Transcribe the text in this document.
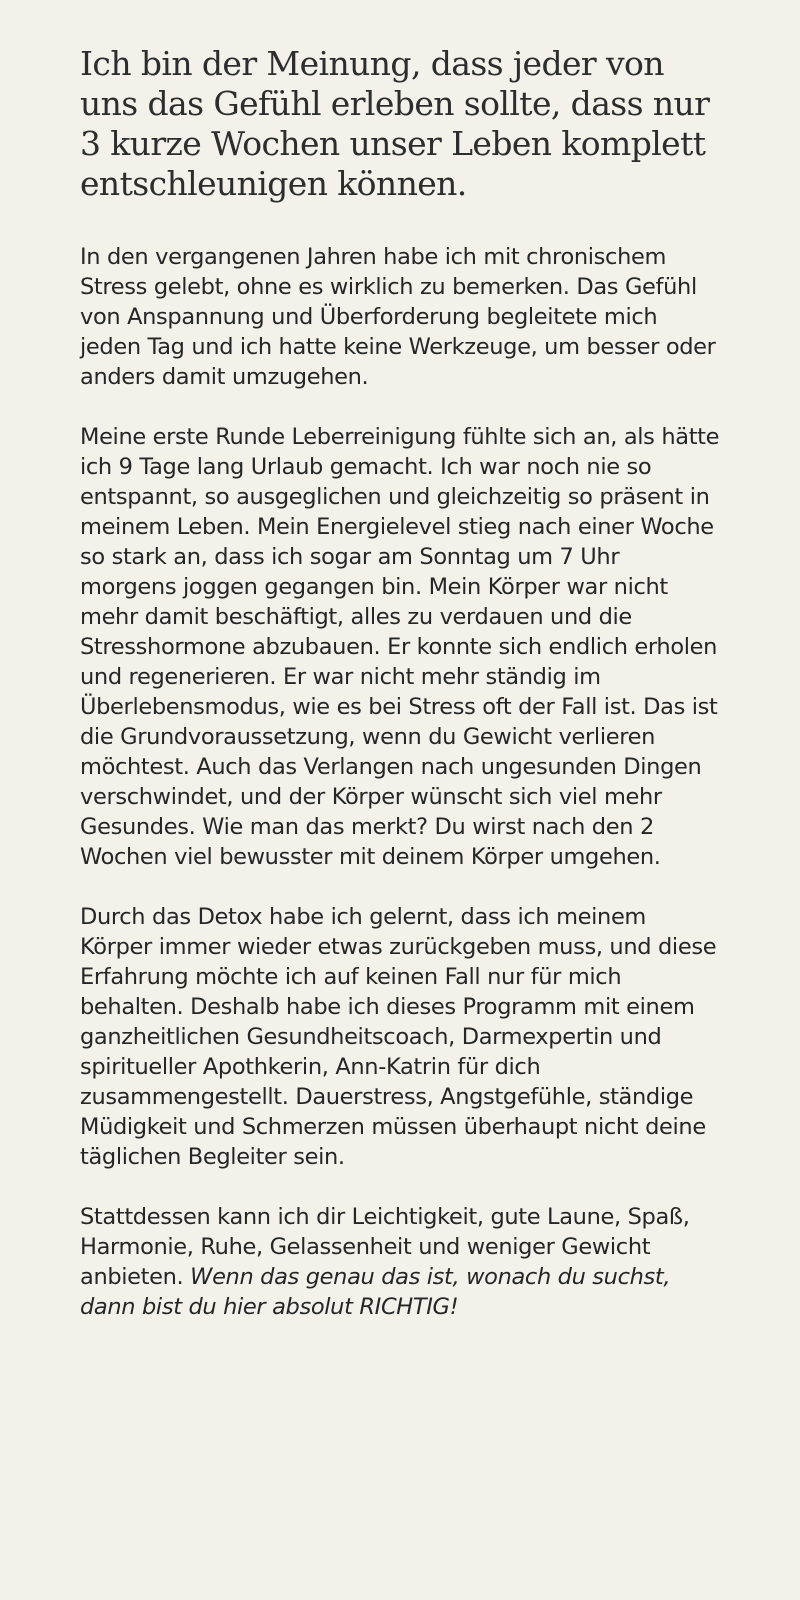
Ich bin der Meinung, dass jeder von uns das Gefühl erleben sollte, dass nur 3 kurze Wochen unser Leben komplett entschleunigen können.

In den vergangenen Jahren habe ich mit chronischem Stress gelebt, ohne es wirklich zu bemerken. Das Gefühl von Anspannung und Überforderung begleitete mich jeden Tag und ich hatte keine Werkzeuge, um besser oder anders damit umzugehen.

Meine erste Runde Leberreinigung fühlte sich an, als hätte ich 9 Tage lang Urlaub gemacht. Ich war noch nie so entspannt, so ausgeglichen und gleichzeitig so präsent in meinem Leben. Mein Energielevel stieg nach einer Woche so stark an, dass ich sogar am Sonntag um 7 Uhr morgens joggen gegangen bin. Mein Körper war nicht mehr damit beschäftigt, alles zu verdauen und die Stresshormone abzubauen. Er konnte sich endlich erholen und regenerieren. Er war nicht mehr ständig im Überlebensmodus, wie es bei Stress oft der Fall ist. Das ist die Grundvoraussetzung, wenn du Gewicht verlieren möchtest. Auch das Verlangen nach ungesunden Dingen verschwindet, und der Körper wünscht sich viel mehr Gesundes. Wie man das merkt? Du wirst nach den 2 Wochen viel bewusster mit deinem Körper umgehen.

Durch das Detox habe ich gelernt, dass ich meinem Körper immer wieder etwas zurückgeben muss, und diese Erfahrung möchte ich auf keinen Fall nur für mich behalten. Deshalb habe ich dieses Programm mit einem ganzheitlichen Gesundheitscoach, Darmexpertin und spiritueller Apothkerin, Ann-Katrin für dich zusammengestellt. Dauerstress, Angstgefühle, ständige Müdigkeit und Schmerzen müssen überhaupt nicht deine täglichen Begleiter sein.

Stattdessen kann ich dir Leichtigkeit, gute Laune, Spaß, Harmonie, Ruhe, Gelassenheit und weniger Gewicht anbieten. Wenn das genau das ist, wonach du suchst, dann bist du hier absolut RICHTIG!
